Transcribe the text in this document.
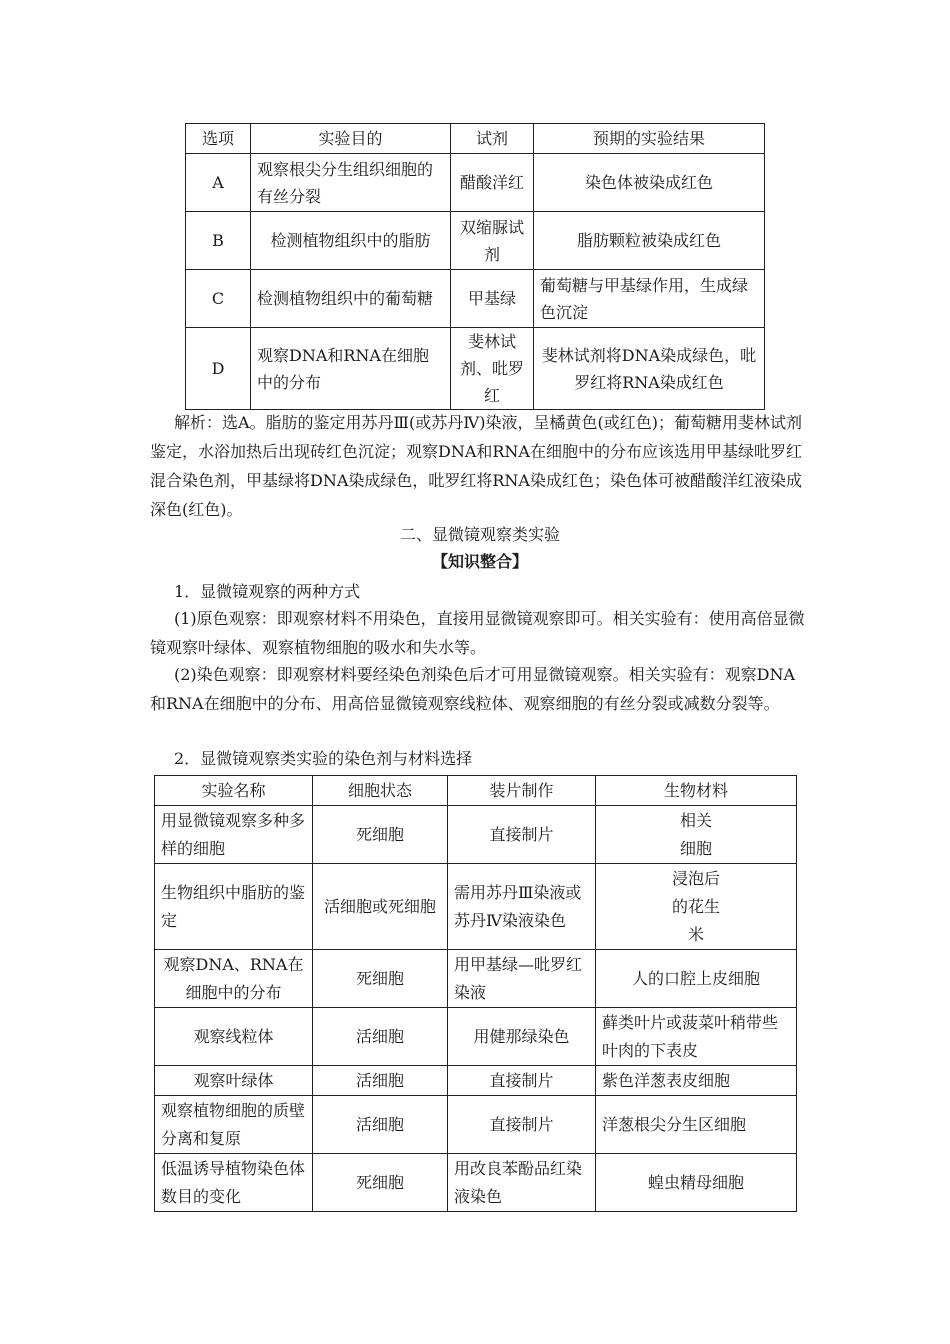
选项	实验目的	试剂	预期的实验结果
A	观察根尖分生组织细胞的有丝分裂	醋酸洋红	染色体被染成红色
B	检测植物组织中的脂肪	双缩脲试剂	脂肪颗粒被染成红色
C	检测植物组织中的葡萄糖	甲基绿	葡萄糖与甲基绿作用，生成绿色沉淀
D	观察DNA和RNA在细胞中的分布	斐林试剂、吡罗红	斐林试剂将DNA染成绿色，吡罗红将RNA染成红色

解析：选A。脂肪的鉴定用苏丹Ⅲ(或苏丹Ⅳ)染液，呈橘黄色(或红色)；葡萄糖用斐林试剂鉴定，水浴加热后出现砖红色沉淀；观察DNA和RNA在细胞中的分布应该选用甲基绿吡罗红混合染色剂，甲基绿将DNA染成绿色，吡罗红将RNA染成红色；染色体可被醋酸洋红液染成深色(红色)。

二、显微镜观察类实验
【知识整合】

1．显微镜观察的两种方式

(1)原色观察：即观察材料不用染色，直接用显微镜观察即可。相关实验有：使用高倍显微镜观察叶绿体、观察植物细胞的吸水和失水等。

(2)染色观察：即观察材料要经染色剂染色后才可用显微镜观察。相关实验有：观察DNA和RNA在细胞中的分布、用高倍显微镜观察线粒体、观察细胞的有丝分裂或减数分裂等。

2．显微镜观察类实验的染色剂与材料选择

实验名称	细胞状态	装片制作	生物材料
用显微镜观察多种多样的细胞	死细胞	直接制片	相关细胞
生物组织中脂肪的鉴定	活细胞或死细胞	需用苏丹Ⅲ染液或苏丹Ⅳ染液染色	浸泡后的花生米
观察DNA、RNA在细胞中的分布	死细胞	用甲基绿—吡罗红染液	人的口腔上皮细胞
观察线粒体	活细胞	用健那绿染色	藓类叶片或菠菜叶稍带些叶肉的下表皮
观察叶绿体	活细胞	直接制片	紫色洋葱表皮细胞
观察植物细胞的质壁分离和复原	活细胞	直接制片	洋葱根尖分生区细胞
低温诱导植物染色体数目的变化	死细胞	用改良苯酚品红染液染色	蝗虫精母细胞
